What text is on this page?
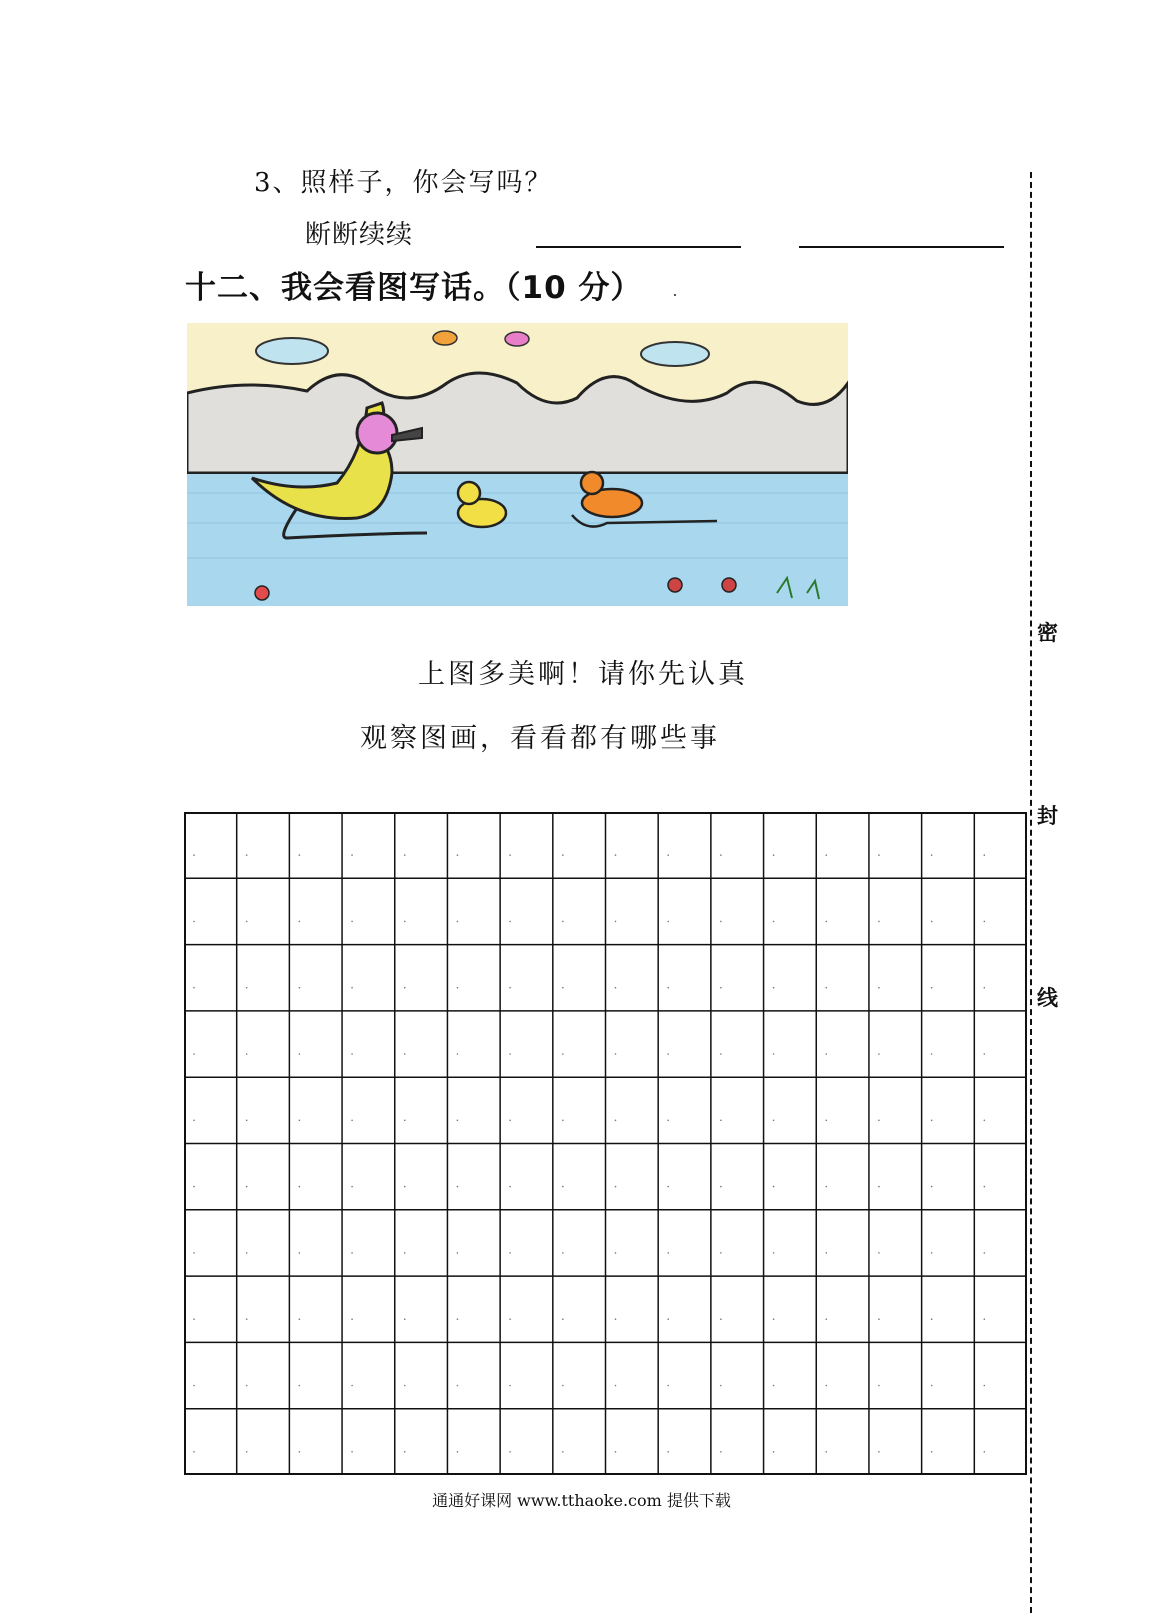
3、照样子，你会写吗？
断断续续
十二、我会看图写话。（10 分）
上图多美啊！请你先认真
观察图画，看看都有哪些事
密
封
线
通通好课网 www.tthaoke.com 提供下载
